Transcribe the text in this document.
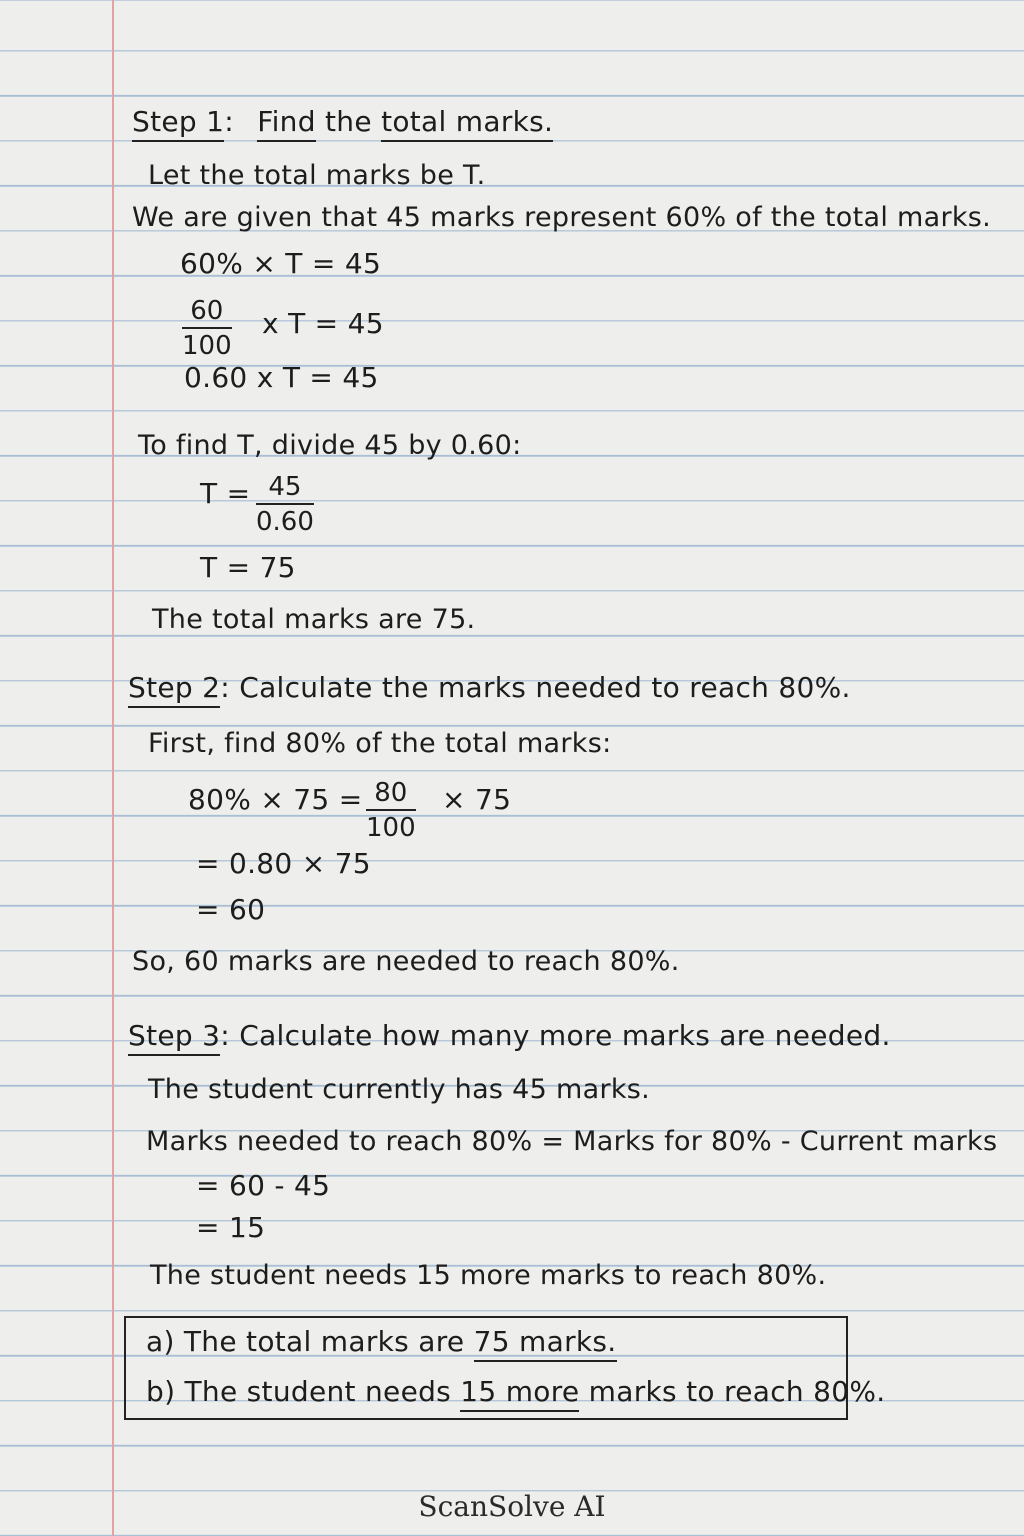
Step 1: Find the total marks.
Let the total marks be T.
We are given that 45 marks represent 60% of the total marks.
60% × T = 45
$\frac{60}{100}$ x T = 45
0.60 x T = 45
To find T, divide 45 by 0.60:
$T = \frac{45}{0.60}$
T = 75
The total marks are 75.
Step 2: Calculate the marks needed to reach 80%.
First, find 80% of the total marks:
$80\% \times 75 = \frac{80}{100} \times 75$
= 0.80 × 75
= 60
So, 60 marks are needed to reach 80%.
Step 3: Calculate how many more marks are needed.
The student currently has 45 marks.
Marks needed to reach 80% = Marks for 80% - Current marks
= 60 - 45
= 15
The student needs 15 more marks to reach 80%.
a) The total marks are 75 marks.
b) The student needs 15 more marks to reach 80%.
ScanSolve AI
